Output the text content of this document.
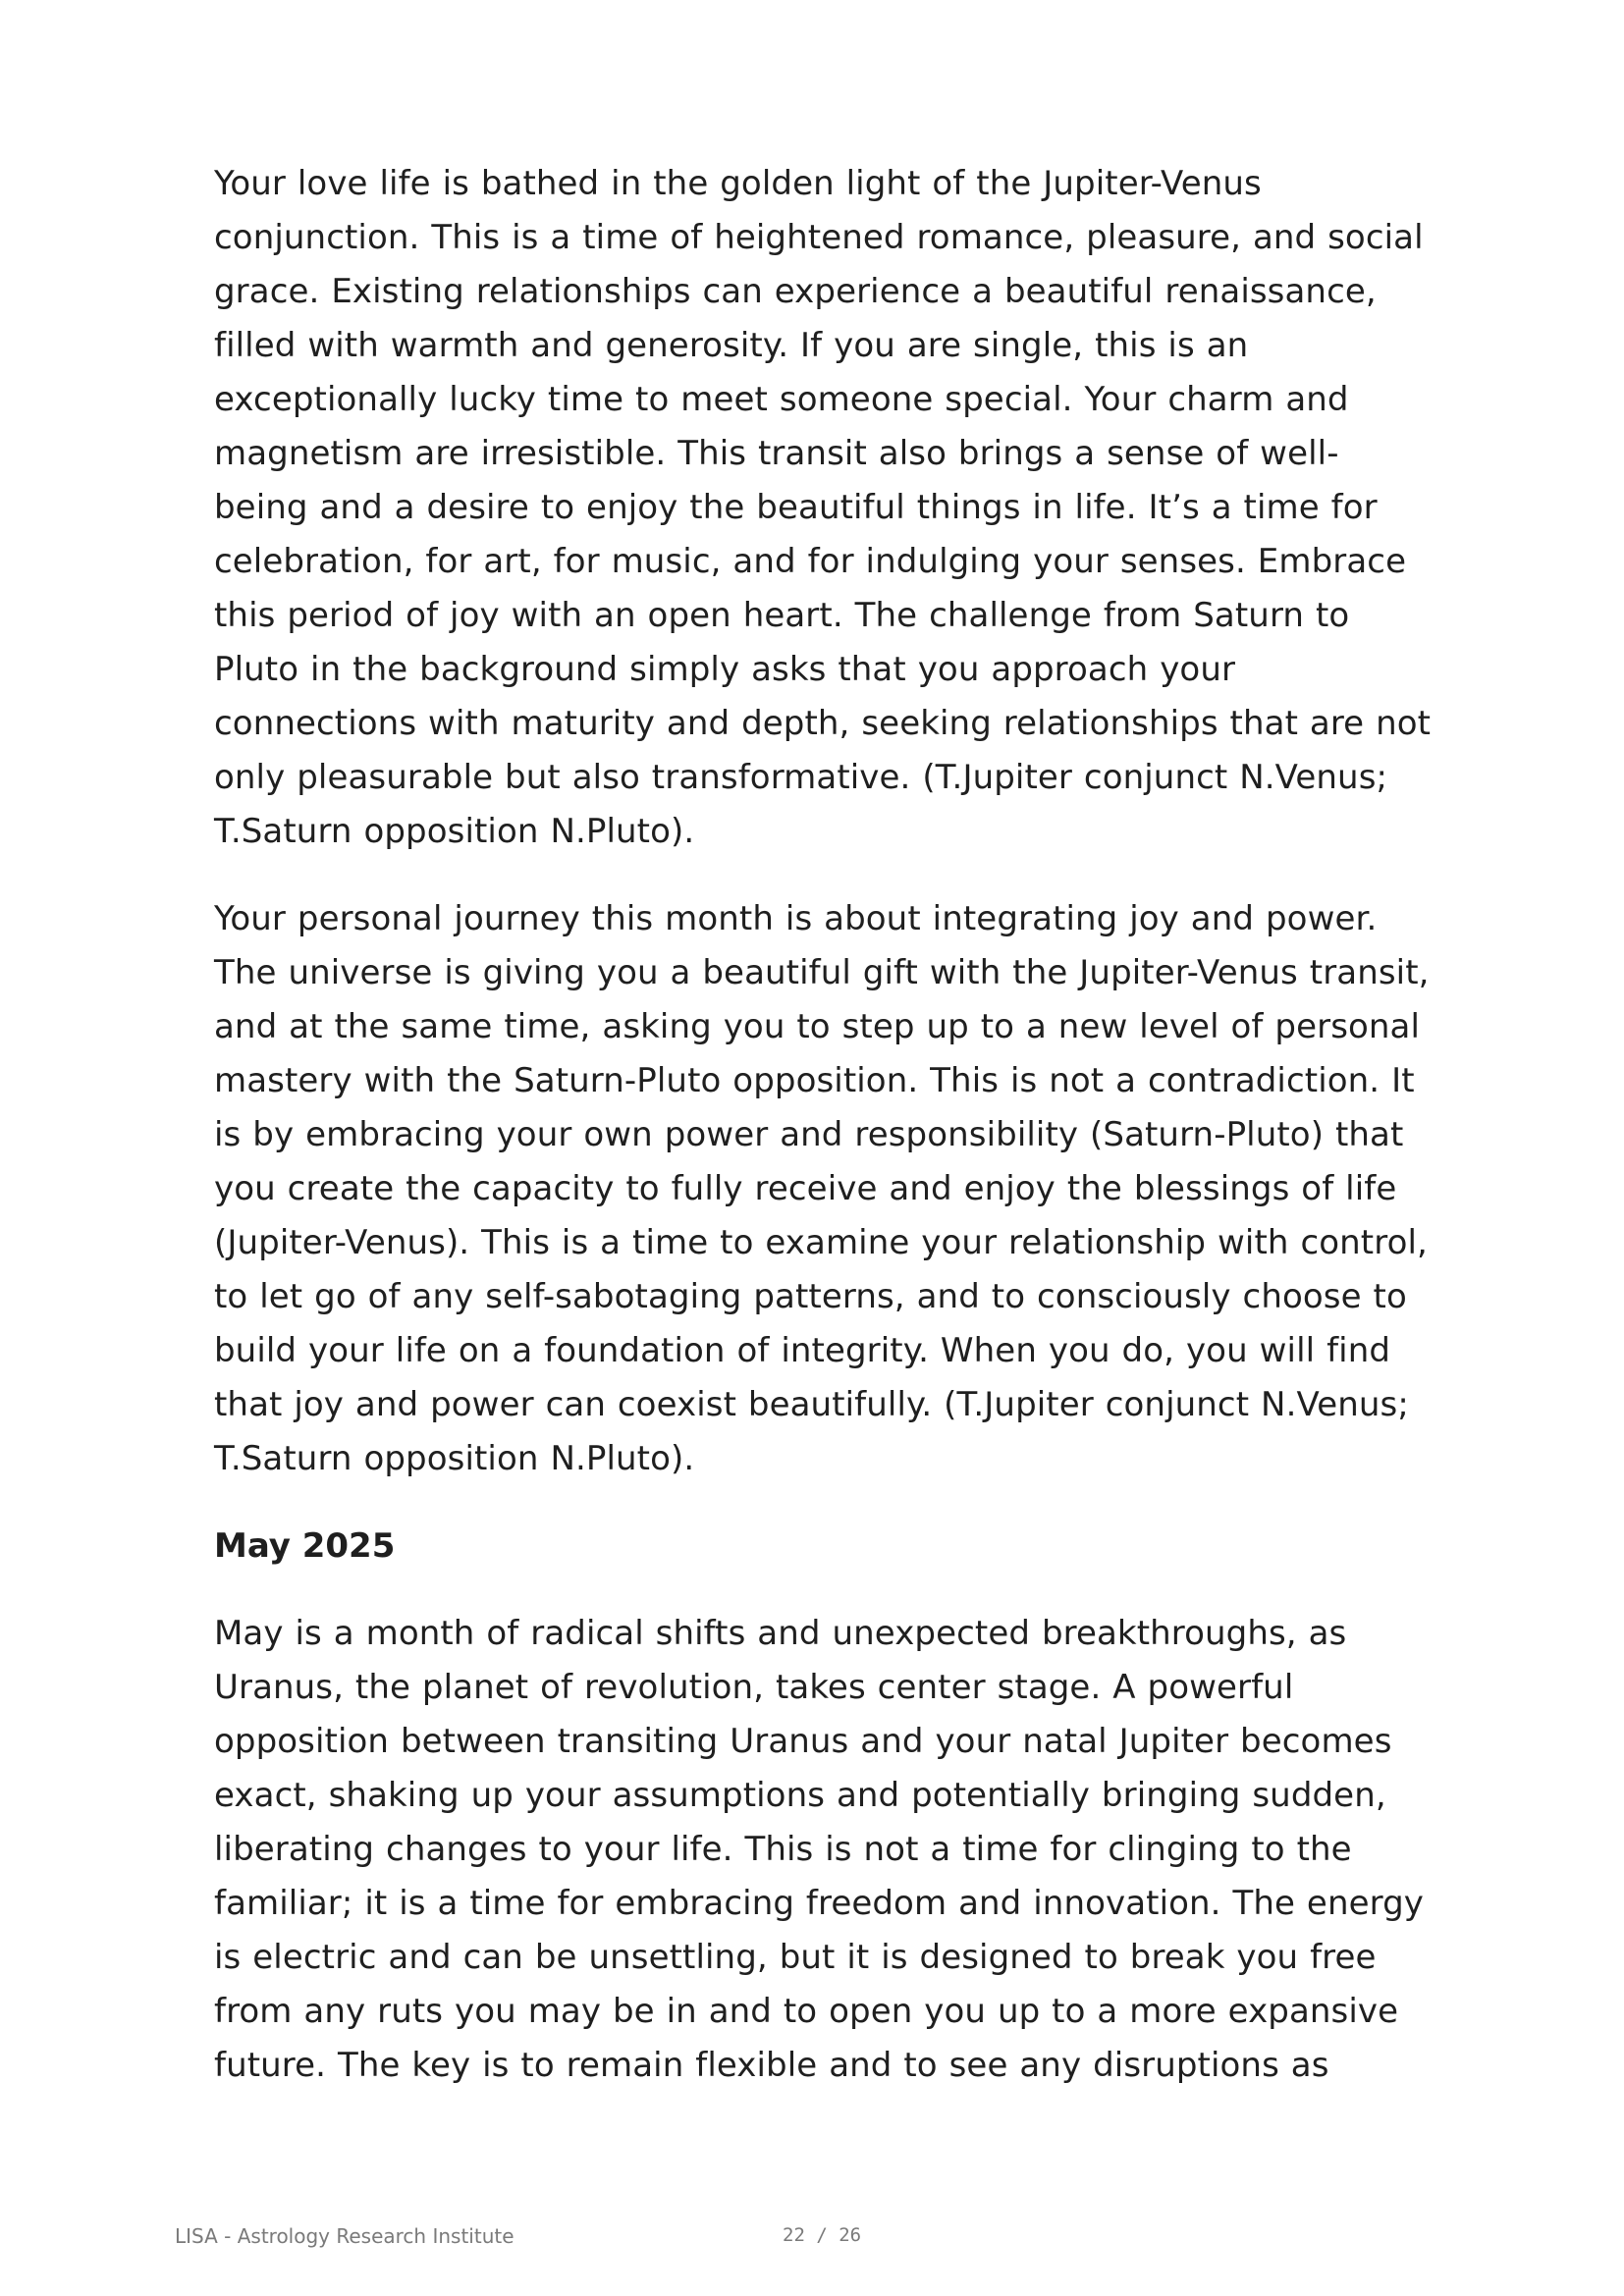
Your love life is bathed in the golden light of the Jupiter-Venus conjunction. This is a time of heightened romance, pleasure, and social grace. Existing relationships can experience a beautiful renaissance, filled with warmth and generosity. If you are single, this is an exceptionally lucky time to meet someone special. Your charm and magnetism are irresistible. This transit also brings a sense of well-being and a desire to enjoy the beautiful things in life. It’s a time for celebration, for art, for music, and for indulging your senses. Embrace this period of joy with an open heart. The challenge from Saturn to Pluto in the background simply asks that you approach your connections with maturity and depth, seeking relationships that are not only pleasurable but also transformative. (T.Jupiter conjunct N.Venus; T.Saturn opposition N.Pluto).

Your personal journey this month is about integrating joy and power. The universe is giving you a beautiful gift with the Jupiter-Venus transit, and at the same time, asking you to step up to a new level of personal mastery with the Saturn-Pluto opposition. This is not a contradiction. It is by embracing your own power and responsibility (Saturn-Pluto) that you create the capacity to fully receive and enjoy the blessings of life (Jupiter-Venus). This is a time to examine your relationship with control, to let go of any self-sabotaging patterns, and to consciously choose to build your life on a foundation of integrity. When you do, you will find that joy and power can coexist beautifully. (T.Jupiter conjunct N.Venus; T.Saturn opposition N.Pluto).

May 2025

May is a month of radical shifts and unexpected breakthroughs, as Uranus, the planet of revolution, takes center stage. A powerful opposition between transiting Uranus and your natal Jupiter becomes exact, shaking up your assumptions and potentially bringing sudden, liberating changes to your life. This is not a time for clinging to the familiar; it is a time for embracing freedom and innovation. The energy is electric and can be unsettling, but it is designed to break you free from any ruts you may be in and to open you up to a more expansive future. The key is to remain flexible and to see any disruptions as

LISA - Astrology Research Institute	22 / 26
